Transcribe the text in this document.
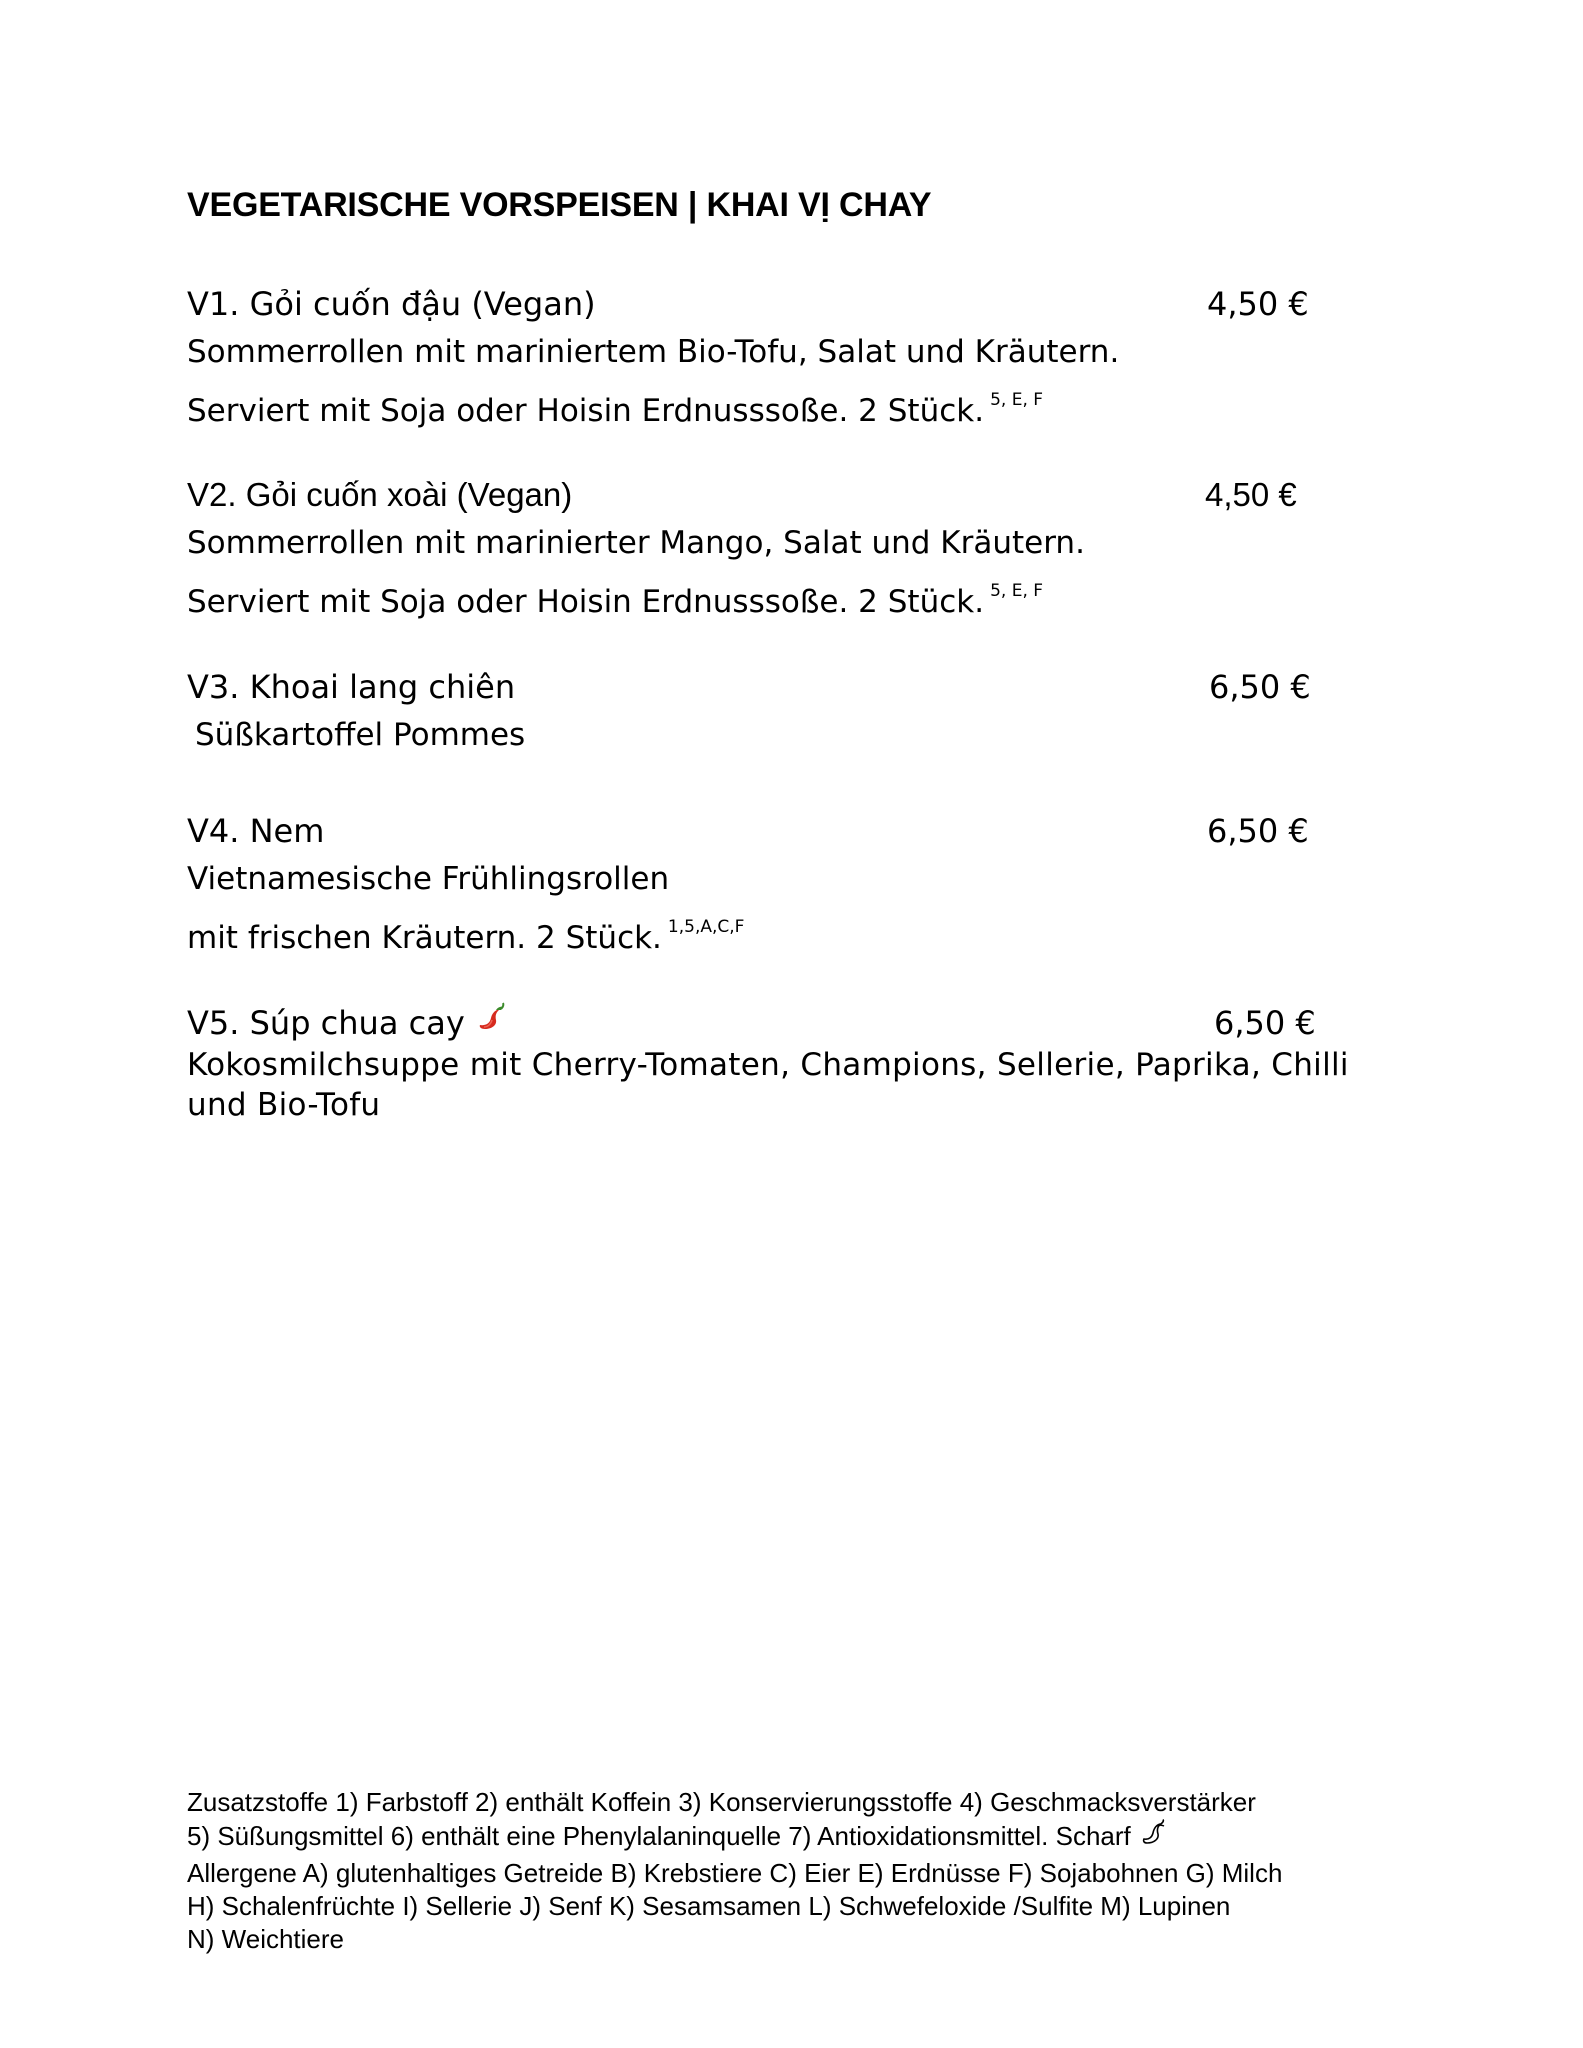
VEGETARISCHE VORSPEISEN | KHAI VỊ CHAY
V1. Gỏi cuốn đậu (Vegan)	4,50 €
Sommerrollen mit mariniertem Bio-Tofu, Salat und Kräutern.
Serviert mit Soja oder Hoisin Erdnusssoße. 2 Stück. $^{5, E, F}$
V2. Gỏi cuốn xoài (Vegan)	4,50 €
Sommerrollen mit marinierter Mango, Salat und Kräutern.
Serviert mit Soja oder Hoisin Erdnusssoße. 2 Stück. $^{5, E, F}$
V3. Khoai lang chiên	6,50 €
Süßkartoffel Pommes
V4. Nem	6,50 €
Vietnamesische Frühlingsrollen
mit frischen Kräutern. 2 Stück. $^{1,5,A,C,F}$
V5. Súp chua cay	6,50 €
Kokosmilchsuppe mit Cherry-Tomaten, Champions, Sellerie, Paprika, Chilli und Bio-Tofu

Zusatzstoffe 1) Farbstoff 2) enthält Koffein 3) Konservierungsstoffe 4) Geschmacksverstärker

5) Süßungsmittel 6) enthält eine Phenylalaninquelle 7) Antioxidationsmittel. Scharf

Allergene A) glutenhaltiges Getreide B) Krebstiere C) Eier E) Erdnüsse F) Sojabohnen G) Milch

H) Schalenfrüchte I) Sellerie J) Senf K) Sesamsamen L) Schwefeloxide /Sulfite M) Lupinen

N) Weichtiere
